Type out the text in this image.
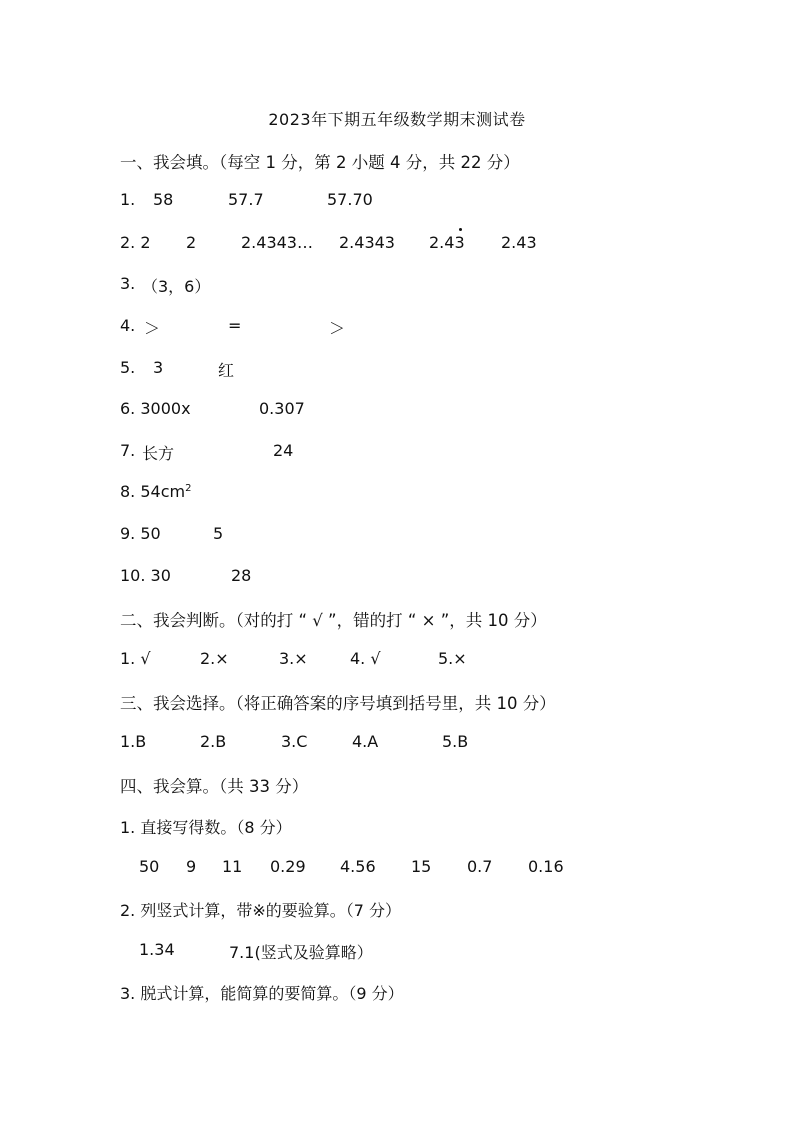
2023年下期五年级数学期末测试卷
一、我会填。（每空 1 分，第 2 小题 4 分，共 22 分）
1. 58	57.7	57.70
2. 2 2	2.4343… 2.4343 2.4
3 2.43
3. （3，6）
4. ＞	=	＞
5. 3	红
6. 3000x	0.307
7. 长方	24
8. $54cm^2$
9. 50	5
10. 30	28
二、我会判断。（对的打 “ √ ”，错的打 “ × ”，共 10 分）
1. √	2.×	3.×	4. √	5.×
三、我会选择。（将正确答案的序号填到括号里，共 10 分）
1.B	2.B	3.C	4.A	5.B
四、我会算。（共 33 分）
1. 直接写得数。（8 分）
50 9 11 0.29 4.56 15 0.7 0.16
2. 列竖式计算，带※的要验算。（7 分）
1.34	7.1(竖式及验算略）
3. 脱式计算，能简算的要简算。（9 分）
